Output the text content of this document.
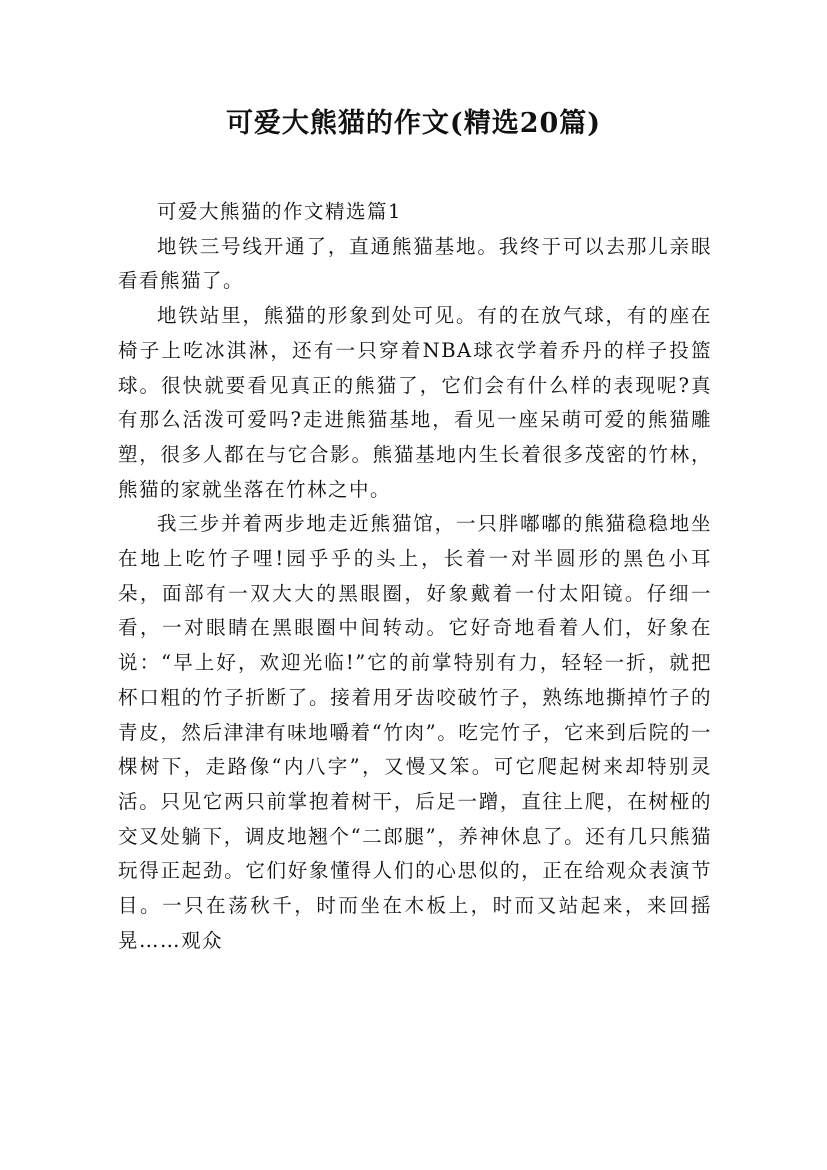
可爱大熊猫的作文(精选20篇)
可爱大熊猫的作文精选篇1

地铁三号线开通了，直通熊猫基地。我终于可以去那儿亲眼看看熊猫了。

地铁站里，熊猫的形象到处可见。有的在放气球，有的座在椅子上吃冰淇淋，还有一只穿着NBA球衣学着乔丹的样子投篮球。很快就要看见真正的熊猫了，它们会有什么样的表现呢?真有那么活泼可爱吗?走进熊猫基地，看见一座呆萌可爱的熊猫雕塑，很多人都在与它合影。熊猫基地内生长着很多茂密的竹林，熊猫的家就坐落在竹林之中。

我三步并着两步地走近熊猫馆，一只胖嘟嘟的熊猫稳稳地坐在地上吃竹子哩!园乎乎的头上，长着一对半圆形的黑色小耳朵，面部有一双大大的黑眼圈，好象戴着一付太阳镜。仔细一看，一对眼睛在黑眼圈中间转动。它好奇地看着人们，好象在说：“早上好，欢迎光临!”它的前掌特别有力，轻轻一折，就把杯口粗的竹子折断了。接着用牙齿咬破竹子，熟练地撕掉竹子的青皮，然后津津有味地嚼着“竹肉”。吃完竹子，它来到后院的一棵树下，走路像“内八字”，又慢又笨。可它爬起树来却特别灵活。只见它两只前掌抱着树干，后足一蹭，直往上爬，在树桠的交叉处躺下，调皮地翘个“二郎腿”，养神休息了。还有几只熊猫玩得正起劲。它们好象懂得人们的心思似的，正在给观众表演节目。一只在荡秋千，时而坐在木板上，时而又站起来，来回摇晃……观众
